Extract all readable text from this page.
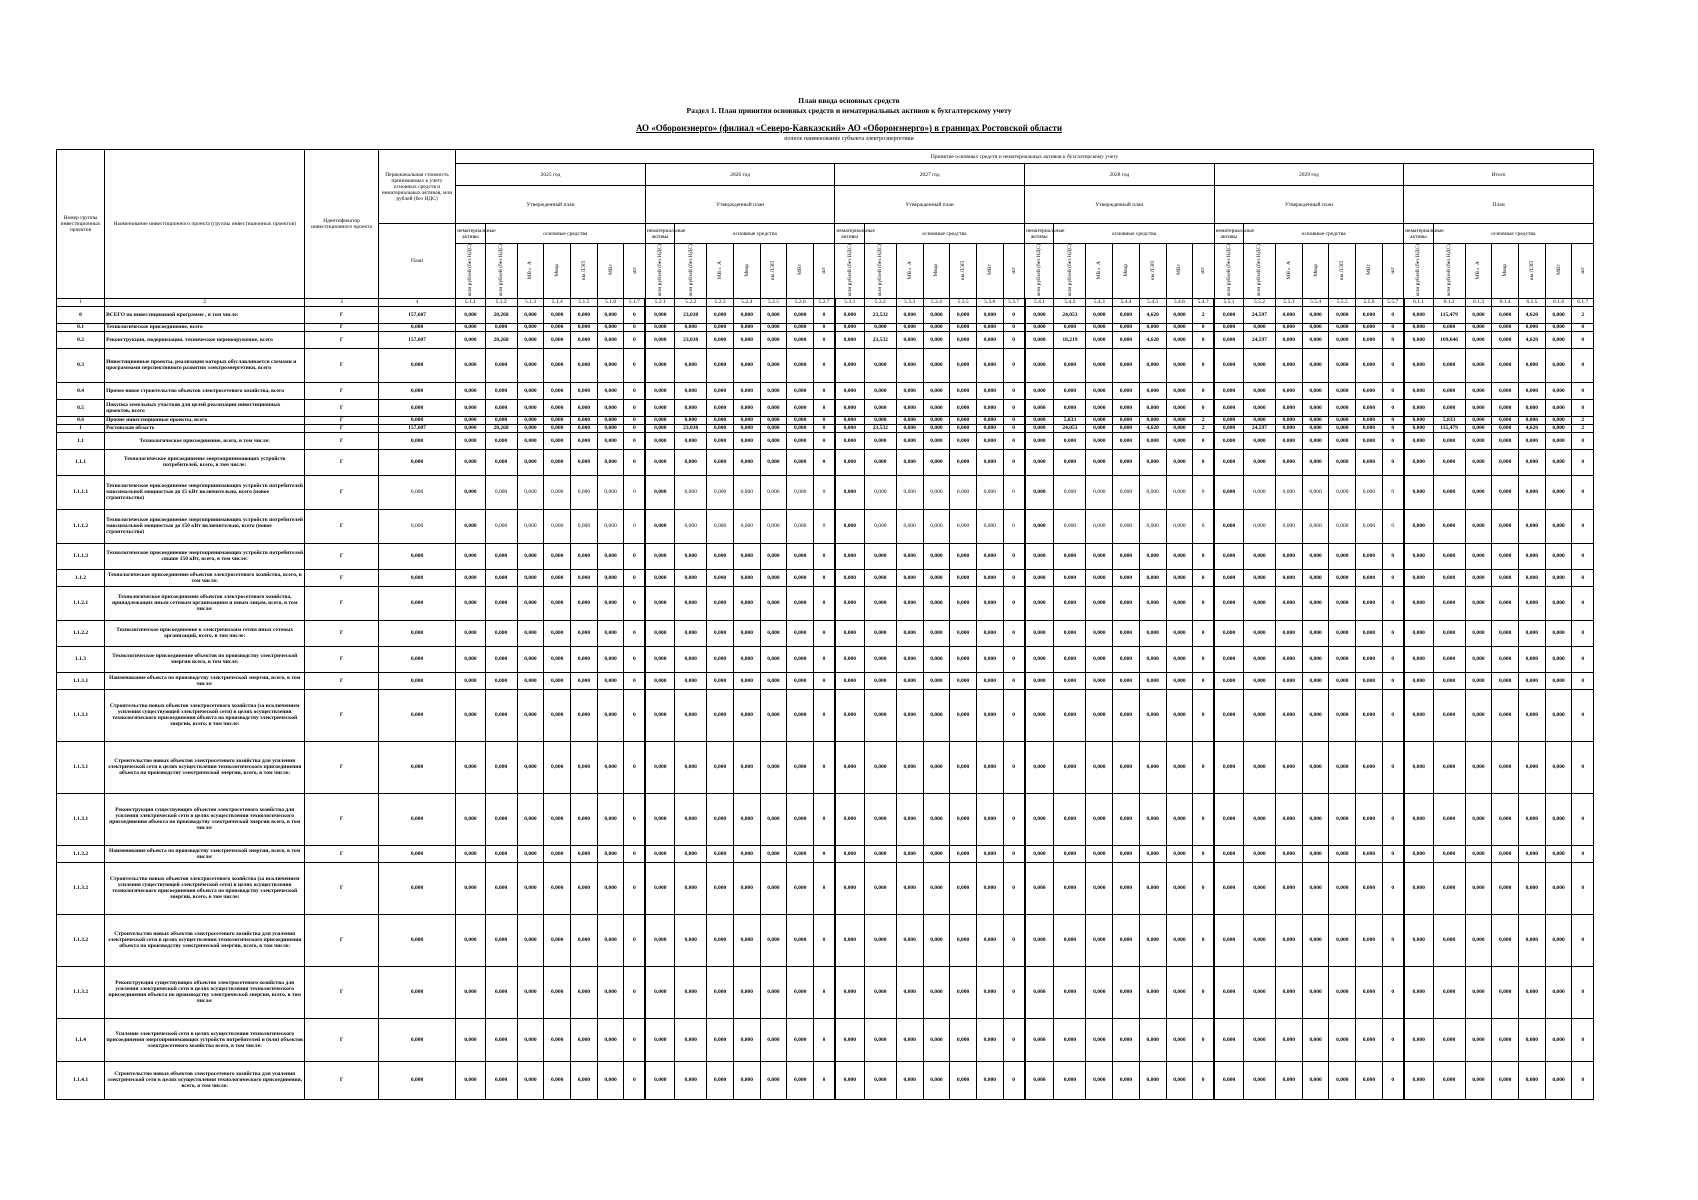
План ввода основных средств
Раздел 1. План принятия основных средств и нематериальных активов к бухгалтерскому учету
АО «Оборонэнерго» (филиал «Северо-Кавказский» АО «Оборонэнерго») в границах Ростовской области
полное наименование субъекта электроэнергетики
Номер группы инвестиционных проектов	Наименование инвестиционного проекта (группы инвестиционных проектов)	Идентификатор инвестиционного проекта	Первоначальная стоимость принимаемых к учету основных средств и нематериальных активов, млн рублей (без НДС)	Принятие основных средств и нематериальных активов к бухгалтерскому учету																																									
				2025 год							2026 год							2027 год							2028 год							2029 год							Итого						
				Утвержденный план							Утвержденный план							Утвержденный план							Утвержденный план							Утвержденный план							План						
			План	нематериальные активы	основные средства						нематериальные активы	основные средства						нематериальные активы	основные средства						нематериальные активы	основные средства						нематериальные активы	основные средства						нематериальные активы	основные средства					
				млн рублей (без НДС)	млн рублей (без НДС)	МВ×А	Мвар	км ЛЭП	МВт	шт	млн рублей (без НДС)	млн рублей (без НДС)	МВ×А	Мвар	км ЛЭП	МВт	шт	млн рублей (без НДС)	млн рублей (без НДС)	МВ×А	Мвар	км ЛЭП	МВт	шт	млн рублей (без НДС)	млн рублей (без НДС)	МВ×А	Мвар	км ЛЭП	МВт	шт	млн рублей (без НДС)	млн рублей (без НДС)	МВ×А	Мвар	км ЛЭП	МВт	шт	млн рублей (без НДС)	млн рублей (без НДС)	МВ×А	Мвар	км ЛЭП	МВт	шт
1	2	3	4	5.1.1	5.1.2	5.1.3	5.1.4	5.1.5	5.1.6	5.1.7	5.2.1	5.2.2	5.2.3	5.2.4	5.2.5	5.2.6	5.2.7	5.3.1	5.3.2	5.3.3	5.3.4	5.3.5	5.3.6	5.3.7	5.4.1	5.4.2	5.4.3	5.4.4	5.4.5	5.4.6	5.4.7	5.5.1	5.5.2	5.5.3	5.5.4	5.5.5	5.5.6	5.5.7	6.1.1	6.1.2	6.1.3	6.1.4	6.1.5	6.1.6	6.1.7
0	ВСЕГО по инвестиционной программе , в том числе:	Г	157,607	0,000	20,268	0,000	0,000	0,000	0,000	0	0,000	23,030	0,000	0,000	0,000	0,000	0	0,000	23,532	0,000	0,000	0,000	0,000	0	0,000	24,053	0,000	0,000	4,620	0,000	2	0,000	24,597	0,000	0,000	0,000	0,000	0	0,000	115,479	0,000	0,000	4,620	0,000	2
0.1	Технологическое присоединение, всего	Г	0,000	0,000	0,000	0,000	0,000	0,000	0,000	0	0,000	0,000	0,000	0,000	0,000	0,000	0	0,000	0,000	0,000	0,000	0,000	0,000	0	0,000	0,000	0,000	0,000	0,000	0,000	0	0,000	0,000	0,000	0,000	0,000	0,000	0	0,000	0,000	0,000	0,000	0,000	0,000	0
0.2	Реконструкция, модернизация, техническое перевооружение, всего	Г	157,607	0,000	20,268	0,000	0,000	0,000	0,000	0	0,000	23,030	0,000	0,000	0,000	0,000	0	0,000	23,532	0,000	0,000	0,000	0,000	0	0,000	18,219	0,000	0,000	4,620	0,000	0	0,000	24,597	0,000	0,000	0,000	0,000	0	0,000	109,646	0,000	0,000	4,620	0,000	0
0.3	Инвестиционные проекты, реализация которых обуславливается схемами и программами перспективного развития электроэнергетики, всего	Г	0,000	0,000	0,000	0,000	0,000	0,000	0,000	0	0,000	0,000	0,000	0,000	0,000	0,000	0	0,000	0,000	0,000	0,000	0,000	0,000	0	0,000	0,000	0,000	0,000	0,000	0,000	0	0,000	0,000	0,000	0,000	0,000	0,000	0	0,000	0,000	0,000	0,000	0,000	0,000	0
0.4	Прочее новое строительство объектов электросетевого хозяйства, всего	Г	0,000	0,000	0,000	0,000	0,000	0,000	0,000	0	0,000	0,000	0,000	0,000	0,000	0,000	0	0,000	0,000	0,000	0,000	0,000	0,000	0	0,000	0,000	0,000	0,000	0,000	0,000	0	0,000	0,000	0,000	0,000	0,000	0,000	0	0,000	0,000	0,000	0,000	0,000	0,000	0
0.5	Покупка земельных участков для целей реализации инвестиционных проектов, всего	Г	0,000	0,000	0,000	0,000	0,000	0,000	0,000	0	0,000	0,000	0,000	0,000	0,000	0,000	0	0,000	0,000	0,000	0,000	0,000	0,000	0	0,000	0,000	0,000	0,000	0,000	0,000	0	0,000	0,000	0,000	0,000	0,000	0,000	0	0,000	0,000	0,000	0,000	0,000	0,000	0
0.6	Прочие инвестиционные проекты, всего	Г	0,000	0,000	0,000	0,000	0,000	0,000	0,000	0	0,000	0,000	0,000	0,000	0,000	0,000	0	0,000	0,000	0,000	0,000	0,000	0,000	0	0,000	5,833	0,000	0,000	0,000	0,000	2	0,000	0,000	0,000	0,000	0,000	0,000	0	0,000	5,833	0,000	0,000	0,000	0,000	2
1	Ростовская область	Г	157,607	0,000	20,268	0,000	0,000	0,000	0,000	0	0,000	23,030	0,000	0,000	0,000	0,000	0	0,000	23,532	0,000	0,000	0,000	0,000	0	0,000	24,053	0,000	0,000	4,620	0,000	2	0,000	24,597	0,000	0,000	0,000	0,000	0	0,000	115,479	0,000	0,000	4,620	0,000	2
1.1	Технологическое присоединение, всего, в том числе:	Г	0,000	0,000	0,000	0,000	0,000	0,000	0,000	0	0,000	0,000	0,000	0,000	0,000	0,000	0	0,000	0,000	0,000	0,000	0,000	0,000	0	0,000	0,000	0,000	0,000	0,000	0,000	0	0,000	0,000	0,000	0,000	0,000	0,000	0	0,000	0,000	0,000	0,000	0,000	0,000	0
1.1.1	Технологическое присоединение энергопринимающих устройств потребителей, всего, в том числе:	Г	0,000	0,000	0,000	0,000	0,000	0,000	0,000	0	0,000	0,000	0,000	0,000	0,000	0,000	0	0,000	0,000	0,000	0,000	0,000	0,000	0	0,000	0,000	0,000	0,000	0,000	0,000	0	0,000	0,000	0,000	0,000	0,000	0,000	0	0,000	0,000	0,000	0,000	0,000	0,000	0
1.1.1.1	Технологическое присоединение энергопринимающих устройств потребителей максимальной мощностью до 15 кВт включительно, всего (новое строительство)	Г	0,000	0,000	0,000	0,000	0,000	0,000	0,000	0	0,000	0,000	0,000	0,000	0,000	0,000	0	0,000	0,000	0,000	0,000	0,000	0,000	0	0,000	0,000	0,000	0,000	0,000	0,000	0	0,000	0,000	0,000	0,000	0,000	0,000	0	0,000	0,000	0,000	0,000	0,000	0,000	0
1.1.1.2	Технологическое присоединение энергопринимающих устройств потребителей максимальной мощностью до 150 кВт включительно, всего (новое строительство)	Г	0,000	0,000	0,000	0,000	0,000	0,000	0,000	0	0,000	0,000	0,000	0,000	0,000	0,000	0	0,000	0,000	0,000	0,000	0,000	0,000	0	0,000	0,000	0,000	0,000	0,000	0,000	0	0,000	0,000	0,000	0,000	0,000	0,000	0	0,000	0,000	0,000	0,000	0,000	0,000	0
1.1.1.3	Технологическое присоединение энергопринимающих устройств потребителей свыше 150 кВт, всего, в том числе:	Г	0,000	0,000	0,000	0,000	0,000	0,000	0,000	0	0,000	0,000	0,000	0,000	0,000	0,000	0	0,000	0,000	0,000	0,000	0,000	0,000	0	0,000	0,000	0,000	0,000	0,000	0,000	0	0,000	0,000	0,000	0,000	0,000	0,000	0	0,000	0,000	0,000	0,000	0,000	0,000	0
1.1.2	Технологическое присоединение объектов электросетевого хозяйства, всего, в том числе:	Г	0,000	0,000	0,000	0,000	0,000	0,000	0,000	0	0,000	0,000	0,000	0,000	0,000	0,000	0	0,000	0,000	0,000	0,000	0,000	0,000	0	0,000	0,000	0,000	0,000	0,000	0,000	0	0,000	0,000	0,000	0,000	0,000	0,000	0	0,000	0,000	0,000	0,000	0,000	0,000	0
1.1.2.1	Технологическое присоединение объектов электросетевого хозяйства, принадлежащих иным сетевым организациям и иным лицам, всего, в том числе:	Г	0,000	0,000	0,000	0,000	0,000	0,000	0,000	0	0,000	0,000	0,000	0,000	0,000	0,000	0	0,000	0,000	0,000	0,000	0,000	0,000	0	0,000	0,000	0,000	0,000	0,000	0,000	0	0,000	0,000	0,000	0,000	0,000	0,000	0	0,000	0,000	0,000	0,000	0,000	0,000	0
1.1.2.2	Технологическое присоединение к электрическим сетям иных сетевых организаций, всего, в том числе:	Г	0,000	0,000	0,000	0,000	0,000	0,000	0,000	0	0,000	0,000	0,000	0,000	0,000	0,000	0	0,000	0,000	0,000	0,000	0,000	0,000	0	0,000	0,000	0,000	0,000	0,000	0,000	0	0,000	0,000	0,000	0,000	0,000	0,000	0	0,000	0,000	0,000	0,000	0,000	0,000	0
1.1.3	Технологическое присоединение объектов по производству электрической энергии всего, в том числе:	Г	0,000	0,000	0,000	0,000	0,000	0,000	0,000	0	0,000	0,000	0,000	0,000	0,000	0,000	0	0,000	0,000	0,000	0,000	0,000	0,000	0	0,000	0,000	0,000	0,000	0,000	0,000	0	0,000	0,000	0,000	0,000	0,000	0,000	0	0,000	0,000	0,000	0,000	0,000	0,000	0
1.1.3.1	Наименование объекта по производству электрической энергии, всего, в том числе:	Г	0,000	0,000	0,000	0,000	0,000	0,000	0,000	0	0,000	0,000	0,000	0,000	0,000	0,000	0	0,000	0,000	0,000	0,000	0,000	0,000	0	0,000	0,000	0,000	0,000	0,000	0,000	0	0,000	0,000	0,000	0,000	0,000	0,000	0	0,000	0,000	0,000	0,000	0,000	0,000	0
1.1.3.1	Строительство новых объектов электросетевого хозяйства (за исключением усиления существующей электрической сети) в целях осуществления технологического присоединения объекта по производству электрической энергии, всего, в том числе:	Г	0,000	0,000	0,000	0,000	0,000	0,000	0,000	0	0,000	0,000	0,000	0,000	0,000	0,000	0	0,000	0,000	0,000	0,000	0,000	0,000	0	0,000	0,000	0,000	0,000	0,000	0,000	0	0,000	0,000	0,000	0,000	0,000	0,000	0	0,000	0,000	0,000	0,000	0,000	0,000	0
1.1.3.1	Строительство новых объектов электросетевого хозяйства для усиления электрической сети в целях осуществления технологического присоединения объекта по производству электрической энергии, всего, в том числе:	Г	0,000	0,000	0,000	0,000	0,000	0,000	0,000	0	0,000	0,000	0,000	0,000	0,000	0,000	0	0,000	0,000	0,000	0,000	0,000	0,000	0	0,000	0,000	0,000	0,000	0,000	0,000	0	0,000	0,000	0,000	0,000	0,000	0,000	0	0,000	0,000	0,000	0,000	0,000	0,000	0
1.1.3.1	Реконструкция существующих объектов электросетевого хозяйства для усиления электрической сети в целях осуществления технологического присоединения объекта по производству электрической энергии всего, в том числе:	Г	0,000	0,000	0,000	0,000	0,000	0,000	0,000	0	0,000	0,000	0,000	0,000	0,000	0,000	0	0,000	0,000	0,000	0,000	0,000	0,000	0	0,000	0,000	0,000	0,000	0,000	0,000	0	0,000	0,000	0,000	0,000	0,000	0,000	0	0,000	0,000	0,000	0,000	0,000	0,000	0
1.1.3.2	Наименование объекта по производству электрической энергии, всего, в том числе:	Г	0,000	0,000	0,000	0,000	0,000	0,000	0,000	0	0,000	0,000	0,000	0,000	0,000	0,000	0	0,000	0,000	0,000	0,000	0,000	0,000	0	0,000	0,000	0,000	0,000	0,000	0,000	0	0,000	0,000	0,000	0,000	0,000	0,000	0	0,000	0,000	0,000	0,000	0,000	0,000	0
1.1.3.2	Строительство новых объектов электросетевого хозяйства (за исключением усиления существующей электрической сети) в целях осуществления технологического присоединения объекта по производству электрической энергии, всего, в том числе:	Г	0,000	0,000	0,000	0,000	0,000	0,000	0,000	0	0,000	0,000	0,000	0,000	0,000	0,000	0	0,000	0,000	0,000	0,000	0,000	0,000	0	0,000	0,000	0,000	0,000	0,000	0,000	0	0,000	0,000	0,000	0,000	0,000	0,000	0	0,000	0,000	0,000	0,000	0,000	0,000	0
1.1.3.2	Строительство новых объектов электросетевого хозяйства для усиления электрической сети в целях осуществления технологического присоединения объекта по производству электрической энергии, всего, в том числе:	Г	0,000	0,000	0,000	0,000	0,000	0,000	0,000	0	0,000	0,000	0,000	0,000	0,000	0,000	0	0,000	0,000	0,000	0,000	0,000	0,000	0	0,000	0,000	0,000	0,000	0,000	0,000	0	0,000	0,000	0,000	0,000	0,000	0,000	0	0,000	0,000	0,000	0,000	0,000	0,000	0
1.1.3.2	Реконструкция существующих объектов электросетевого хозяйства для усиления электрической сети в целях осуществления технологического присоединения объекта по производству электрической энергии, всего, в том числе:	Г	0,000	0,000	0,000	0,000	0,000	0,000	0,000	0	0,000	0,000	0,000	0,000	0,000	0,000	0	0,000	0,000	0,000	0,000	0,000	0,000	0	0,000	0,000	0,000	0,000	0,000	0,000	0	0,000	0,000	0,000	0,000	0,000	0,000	0	0,000	0,000	0,000	0,000	0,000	0,000	0
1.1.4	Усиление электрической сети в целях осуществления технологического присоединения энергопринимающих устройств потребителей и (или) объектов электросетевого хозяйства всего, в том числе:	Г	0,000	0,000	0,000	0,000	0,000	0,000	0,000	0	0,000	0,000	0,000	0,000	0,000	0,000	0	0,000	0,000	0,000	0,000	0,000	0,000	0	0,000	0,000	0,000	0,000	0,000	0,000	0	0,000	0,000	0,000	0,000	0,000	0,000	0	0,000	0,000	0,000	0,000	0,000	0,000	0
1.1.4.1	Строительство новых объектов электросетевого хозяйства для усиления электрической сети в целях осуществления технологического присоединения, всего, в том числе:	Г	0,000	0,000	0,000	0,000	0,000	0,000	0,000	0	0,000	0,000	0,000	0,000	0,000	0,000	0	0,000	0,000	0,000	0,000	0,000	0,000	0	0,000	0,000	0,000	0,000	0,000	0,000	0	0,000	0,000	0,000	0,000	0,000	0,000	0	0,000	0,000	0,000	0,000	0,000	0,000	0
